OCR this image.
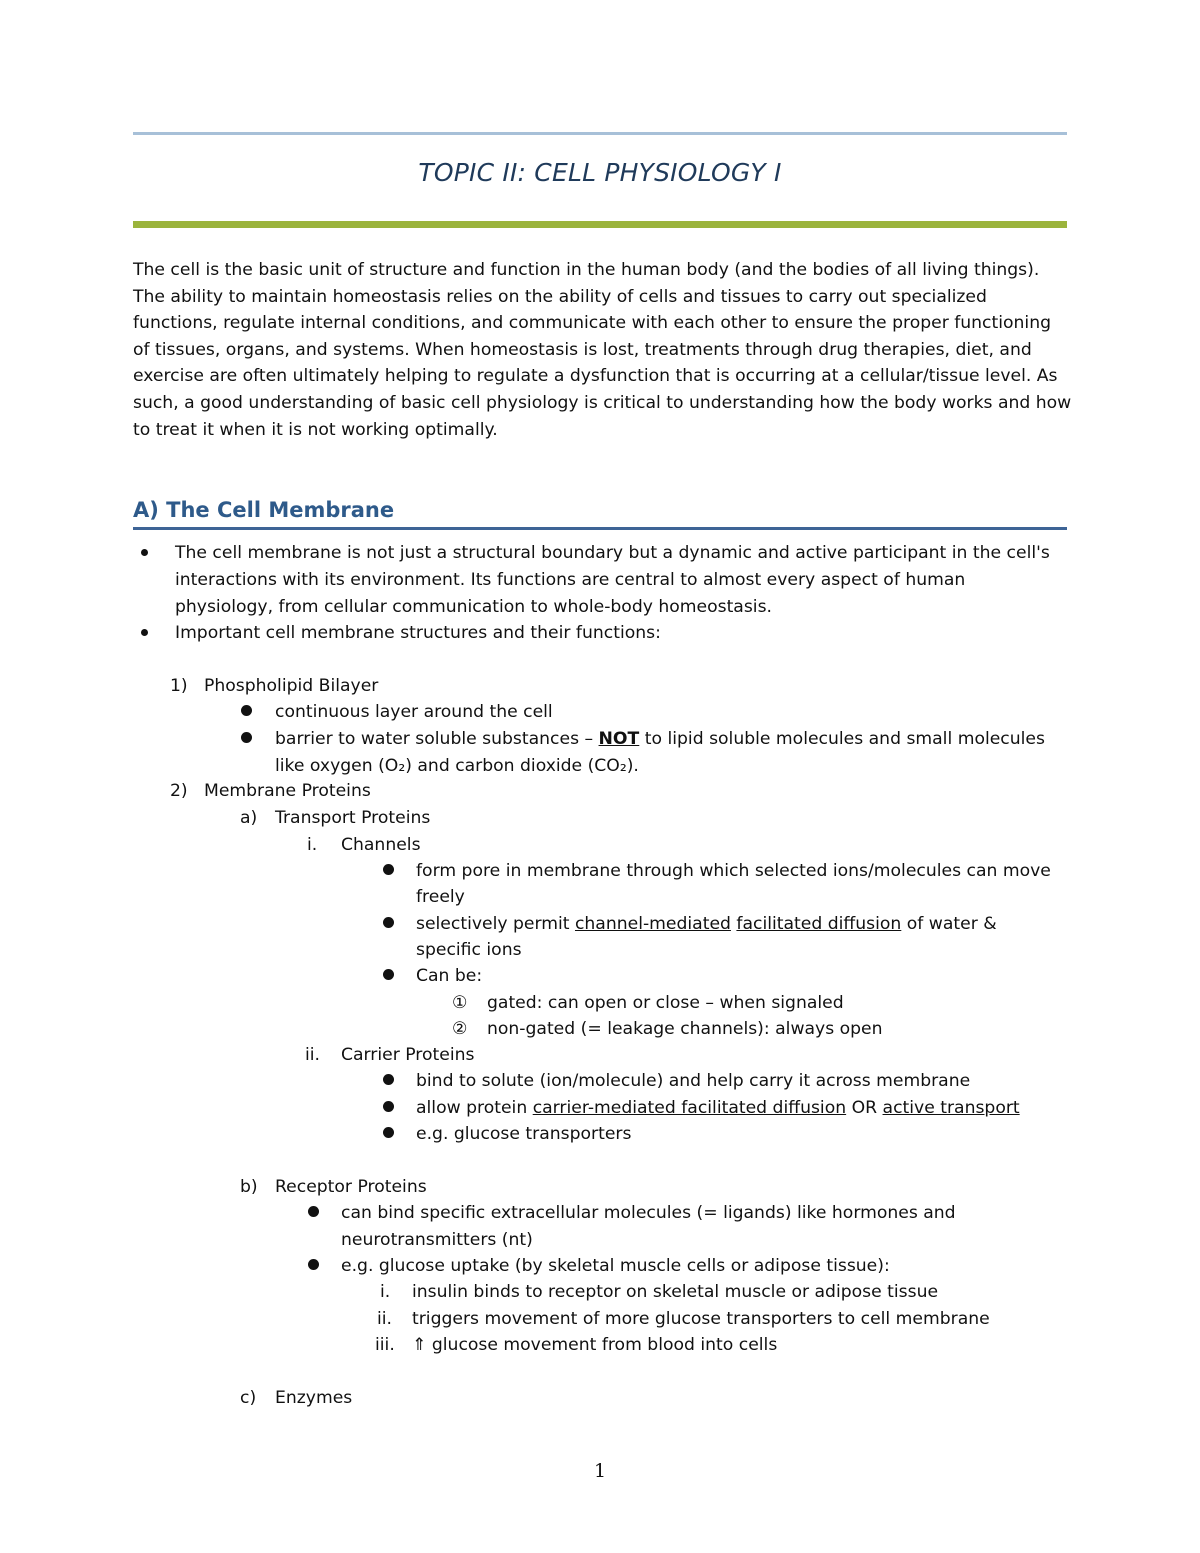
TOPIC II: CELL PHYSIOLOGY I

The cell is the basic unit of structure and function in the human body (and the bodies of all living things). The ability to maintain homeostasis relies on the ability of cells and tissues to carry out specialized functions, regulate internal conditions, and communicate with each other to ensure the proper functioning of tissues, organs, and systems. When homeostasis is lost, treatments through drug therapies, diet, and exercise are often ultimately helping to regulate a dysfunction that is occurring at a cellular/tissue level. As such, a good understanding of basic cell physiology is critical to understanding how the body works and how to treat it when it is not working optimally.

A) The Cell Membrane
The cell membrane is not just a structural boundary but a dynamic and active participant in the cell's
interactions with its environment. Its functions are central to almost every aspect of human
physiology, from cellular communication to whole-body homeostasis.
Important cell membrane structures and their functions:
1) Phospholipid Bilayer
continuous layer around the cell
barrier to water soluble substances – NOT to lipid soluble molecules and small molecules
like oxygen (O₂) and carbon dioxide (CO₂).
2) Membrane Proteins
a) Transport Proteins
i. Channels
form pore in membrane through which selected ions/molecules can move
freely
selectively permit channel-mediated facilitated diffusion of water &
specific ions
Can be:
① gated: can open or close – when signaled
② non-gated (= leakage channels): always open
ii. Carrier Proteins
bind to solute (ion/molecule) and help carry it across membrane
allow protein carrier-mediated facilitated diffusion OR active transport
e.g. glucose transporters
b) Receptor Proteins
can bind specific extracellular molecules (= ligands) like hormones and
neurotransmitters (nt)
e.g. glucose uptake (by skeletal muscle cells or adipose tissue):
i. insulin binds to receptor on skeletal muscle or adipose tissue
ii. triggers movement of more glucose transporters to cell membrane
iii. ⇑ glucose movement from blood into cells
c) Enzymes
1
